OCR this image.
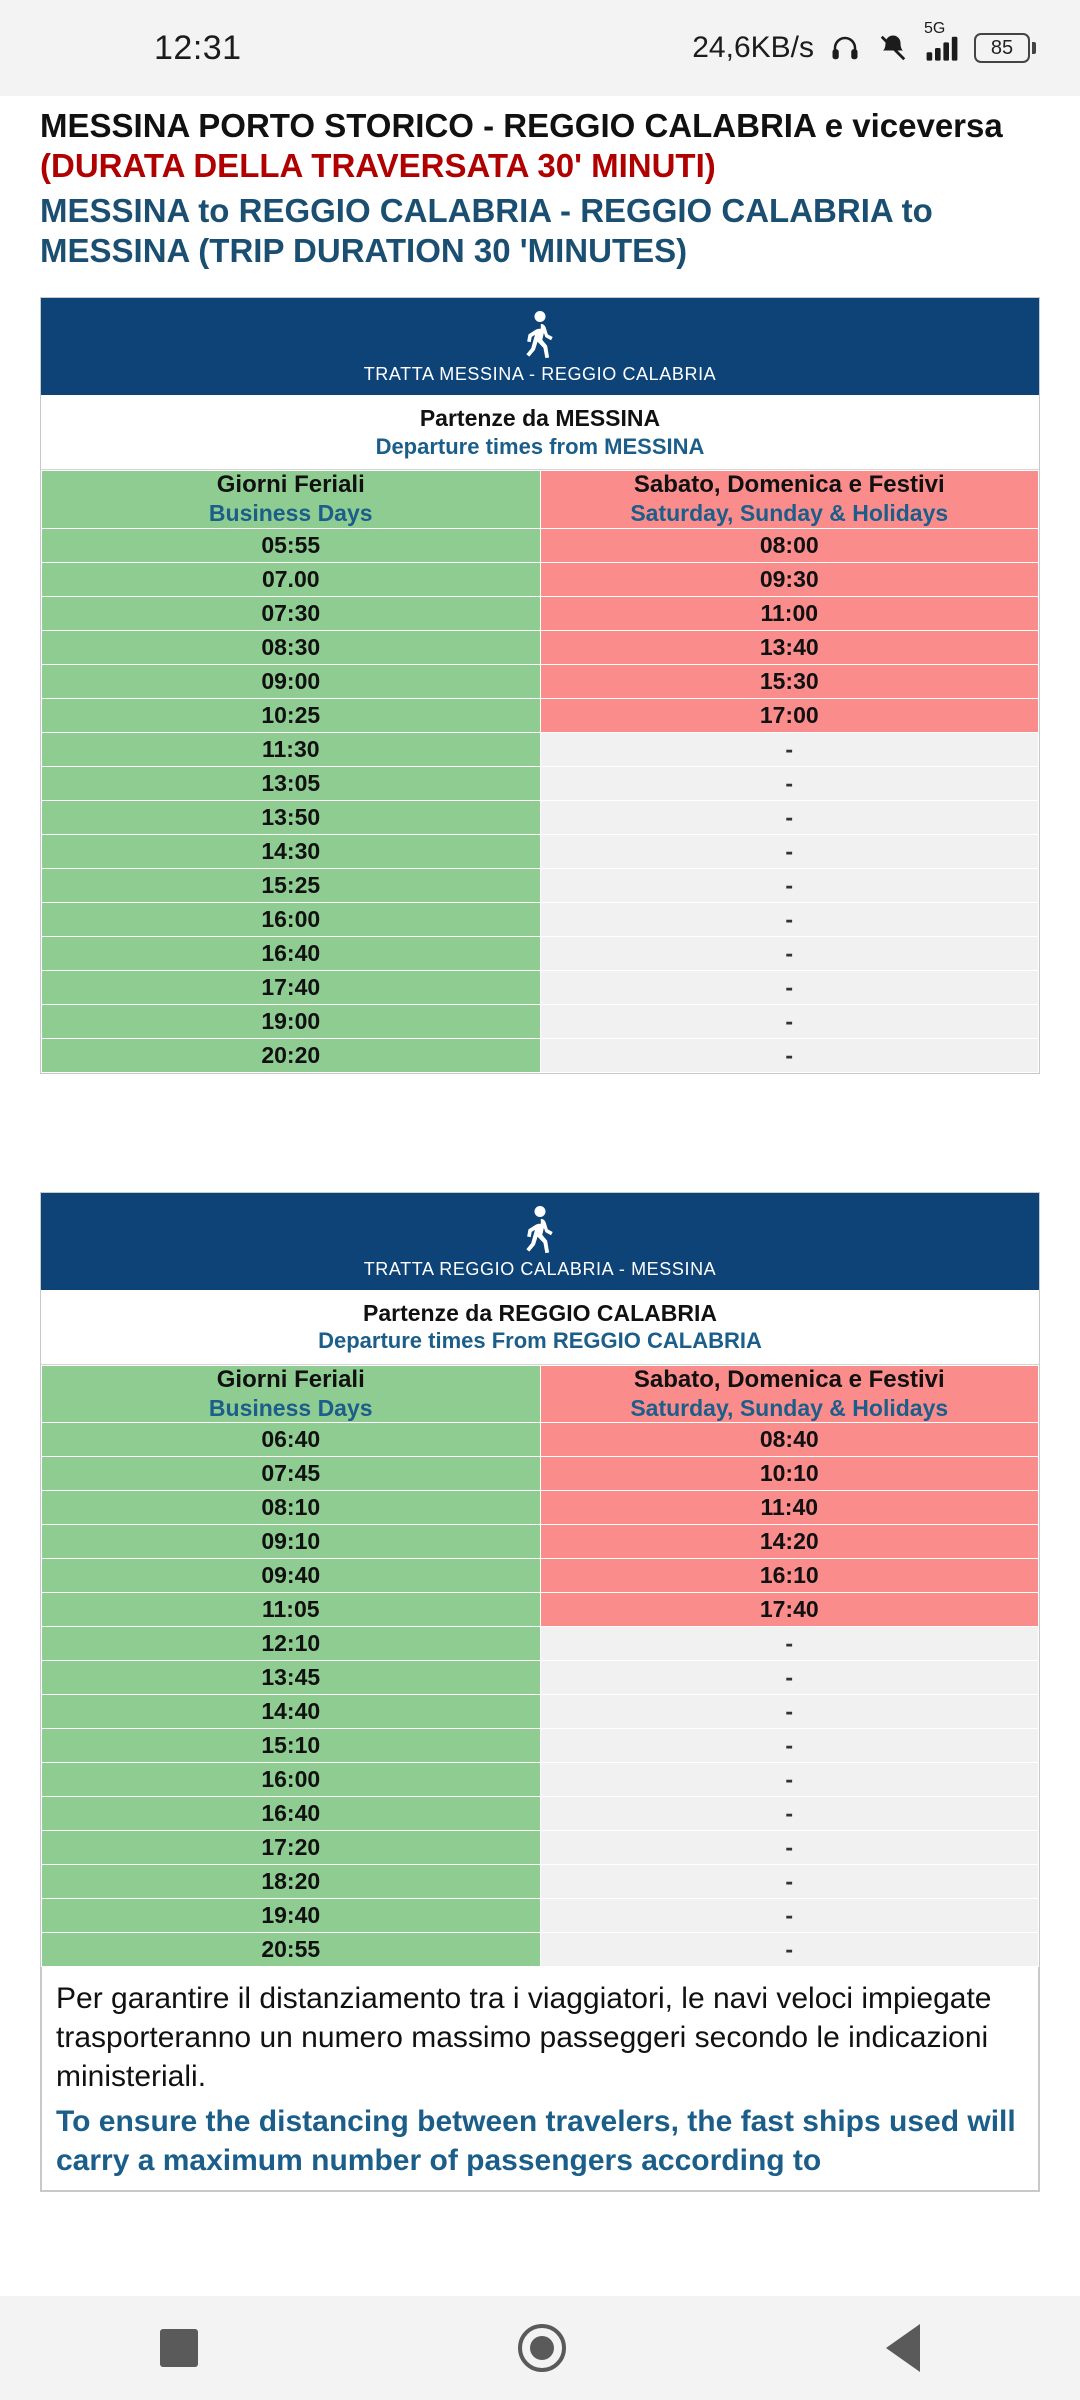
12:31	24,6KB/s
5G
85
MESSINA PORTO STORICO - REGGIO CALABRIA e viceversa (DURATA DELLA TRAVERSATA 30' MINUTI)
MESSINA to REGGIO CALABRIA - REGGIO CALABRIA to MESSINA (TRIP DURATION 30 'MINUTES)
TRATTA MESSINA - REGGIO CALABRIA
Partenze da MESSINA
Departure times from MESSINA
Giorni Feriali
Business Days

Sabato, Domenica e Festivi
Saturday, Sunday & Holidays

05:55	08:00
07.00	09:30
07:30	11:00
08:30	13:40
09:00	15:30
10:25	17:00
11:30	-
13:05	-
13:50	-
14:30	-
15:25	-
16:00	-
16:40	-
17:40	-
19:00	-
20:20	-
TRATTA REGGIO CALABRIA - MESSINA
Partenze da REGGIO CALABRIA
Departure times From REGGIO CALABRIA
Giorni Feriali
Business Days

Sabato, Domenica e Festivi
Saturday, Sunday & Holidays

06:40	08:40
07:45	10:10
08:10	11:40
09:10	14:20
09:40	16:10
11:05	17:40
12:10	-
13:45	-
14:40	-
15:10	-
16:00	-
16:40	-
17:20	-
18:20	-
19:40	-
20:55	-

Per garantire il distanziamento tra i viaggiatori, le navi veloci impiegate trasporteranno un numero massimo passeggeri secondo le indicazioni ministeriali.

To ensure the distancing between travelers, the fast ships used will carry a maximum number of passengers according to
